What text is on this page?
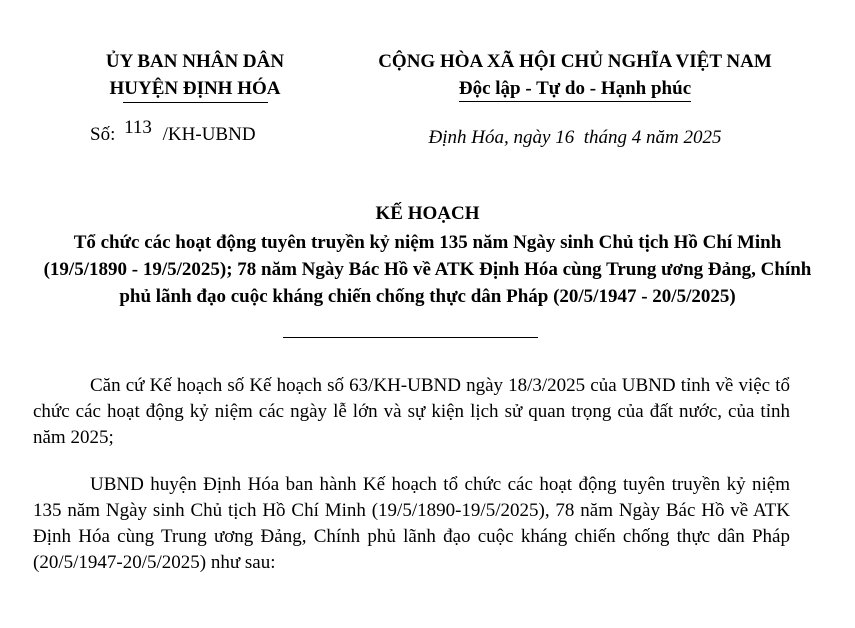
ỦY BAN NHÂN DÂN
HUYỆN ĐỊNH HÓA
CỘNG HÒA XÃ HỘI CHỦ NGHĨA VIỆT NAM
Độc lập - Tự do - Hạnh phúc
Số: 113 /KH-UBND	Định Hóa, ngày 16 tháng 4 năm 2025
KẾ HOẠCH
Tổ chức các hoạt động tuyên truyền kỷ niệm 135 năm Ngày sinh Chủ tịch Hồ Chí Minh (19/5/1890 - 19/5/2025); 78 năm Ngày Bác Hồ về ATK Định Hóa cùng Trung ương Đảng, Chính phủ lãnh đạo cuộc kháng chiến chống thực dân Pháp (20/5/1947 - 20/5/2025)

Căn cứ Kế hoạch số Kế hoạch số 63/KH-UBND ngày 18/3/2025 của UBND tỉnh về việc tổ chức các hoạt động kỷ niệm các ngày lễ lớn và sự kiện lịch sử quan trọng của đất nước, của tỉnh năm 2025;

UBND huyện Định Hóa ban hành Kế hoạch tổ chức các hoạt động tuyên truyền kỷ niệm 135 năm Ngày sinh Chủ tịch Hồ Chí Minh (19/5/1890-19/5/2025), 78 năm Ngày Bác Hồ về ATK Định Hóa cùng Trung ương Đảng, Chính phủ lãnh đạo cuộc kháng chiến chống thực dân Pháp (20/5/1947-20/5/2025) như sau:
